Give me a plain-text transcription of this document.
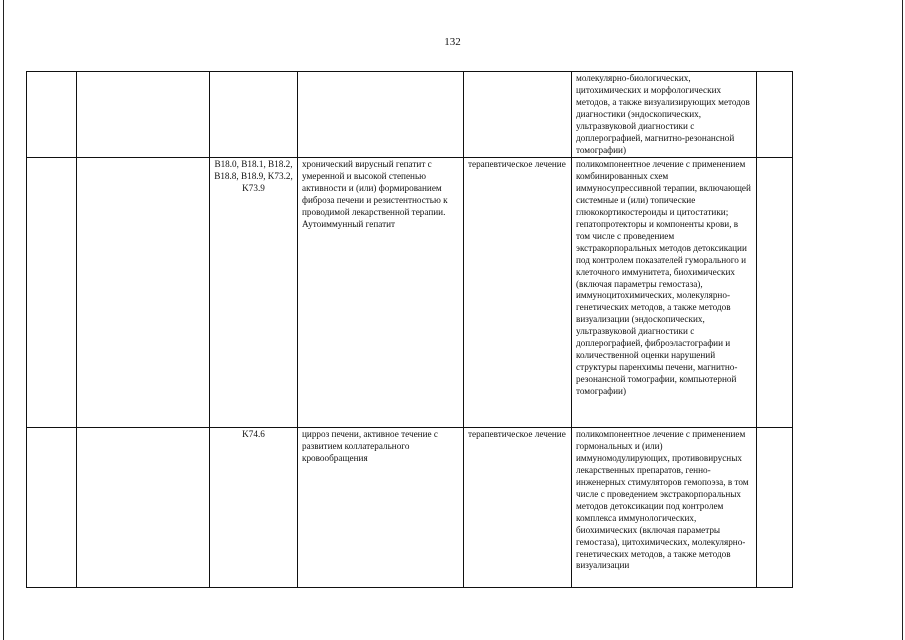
132
					молекулярно-биологических, цитохимических и морфологических методов, а также визуализирующих методов диагностики (эндоскопических, ультразвуковой диагностики с доплерографией, магнитно-резонансной томографии)	
		B18.0, B18.1, B18.2, B18.8, B18.9, K73.2, K73.9	хронический вирусный гепатит с умеренной и высокой степенью активности и (или) формированием фиброза печени и резистентностью к проводимой лекарственной терапии. Аутоиммунный гепатит	терапевтическое лечение	поликомпонентное лечение с применением комбинированных схем иммуносупрессивной терапии, включающей системные и (или) топические глюкокортикостероиды и цитостатики; гепатопротекторы и компоненты крови, в том числе с проведением экстракорпоральных методов детоксикации под контролем показателей гуморального и клеточного иммунитета, биохимических (включая параметры гемостаза), иммуноцитохимических, молекулярно-генетических методов, а также методов визуализации (эндоскопических, ультразвуковой диагностики с доплерографией, фиброэластографии и количественной оценки нарушений структуры паренхимы печени, магнитно-резонансной томографии, компьютерной томографии)	
		K74.6	цирроз печени, активное течение с развитием коллатерального кровообращения	терапевтическое лечение	поликомпонентное лечение с применением гормональных и (или) иммуномодулирующих, противовирусных лекарственных препаратов, генно-инженерных стимуляторов гемопоэза, в том числе с проведением экстракорпоральных методов детоксикации под контролем комплекса иммунологических, биохимических (включая параметры гемостаза), цитохимических, молекулярно-генетических методов, а также методов визуализации	
